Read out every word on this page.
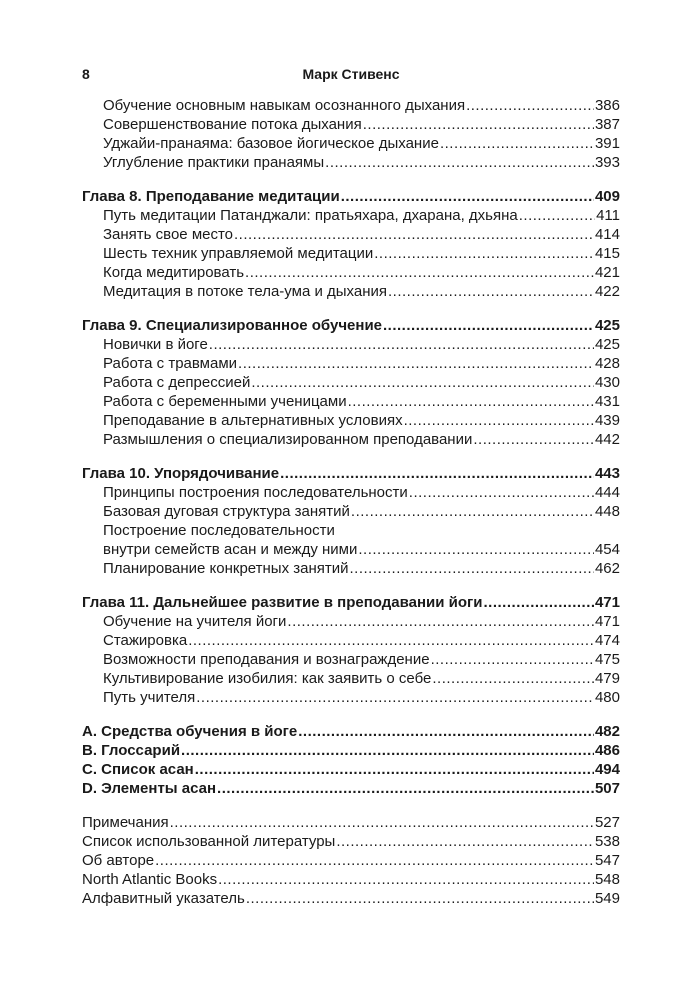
8	Марк Стивенс
Обучение основным навыкам осознанного дыхания .....	386
Совершенствование потока дыхания .....	387
Уджайи-пранаяма: базовое йогическое дыхание .....	391
Углубление практики пранаямы .....	393
Глава 8. Преподавание медитации .....	409
Путь медитации Патанджали: пратьяхара, дхарана, дхьяна .....	411
Занять свое место .....	414
Шесть техник управляемой медитации .....	415
Когда медитировать .....	421
Медитация в потоке тела-ума и дыхания .....	422
Глава 9. Специализированное обучение .....	425
Новички в йоге .....	425
Работа с травмами .....	428
Работа с депрессией .....	430
Работа с беременными ученицами .....	431
Преподавание в альтернативных условиях .....	439
Размышления о специализированном преподавании .....	442
Глава 10. Упорядочивание .....	443
Принципы построения последовательности .....	444
Базовая дуговая структура занятий .....	448
Построение последовательности
внутри семейств асан и между ними .....	454
Планирование конкретных занятий .....	462
Глава 11. Дальнейшее развитие в преподавании йоги .....	471
Обучение на учителя йоги .....	471
Стажировка .....	474
Возможности преподавания и вознаграждение .....	475
Культивирование изобилия: как заявить о себе .....	479
Путь учителя .....	480
A. Средства обучения в йоге .....	482
B. Глоссарий .....	486
C. Список асан .....	494
D. Элементы асан .....	507
Примечания .....	527
Список использованной литературы .....	538
Об авторе .....	547
North Atlantic Books .....	548
Алфавитный указатель .....	549
